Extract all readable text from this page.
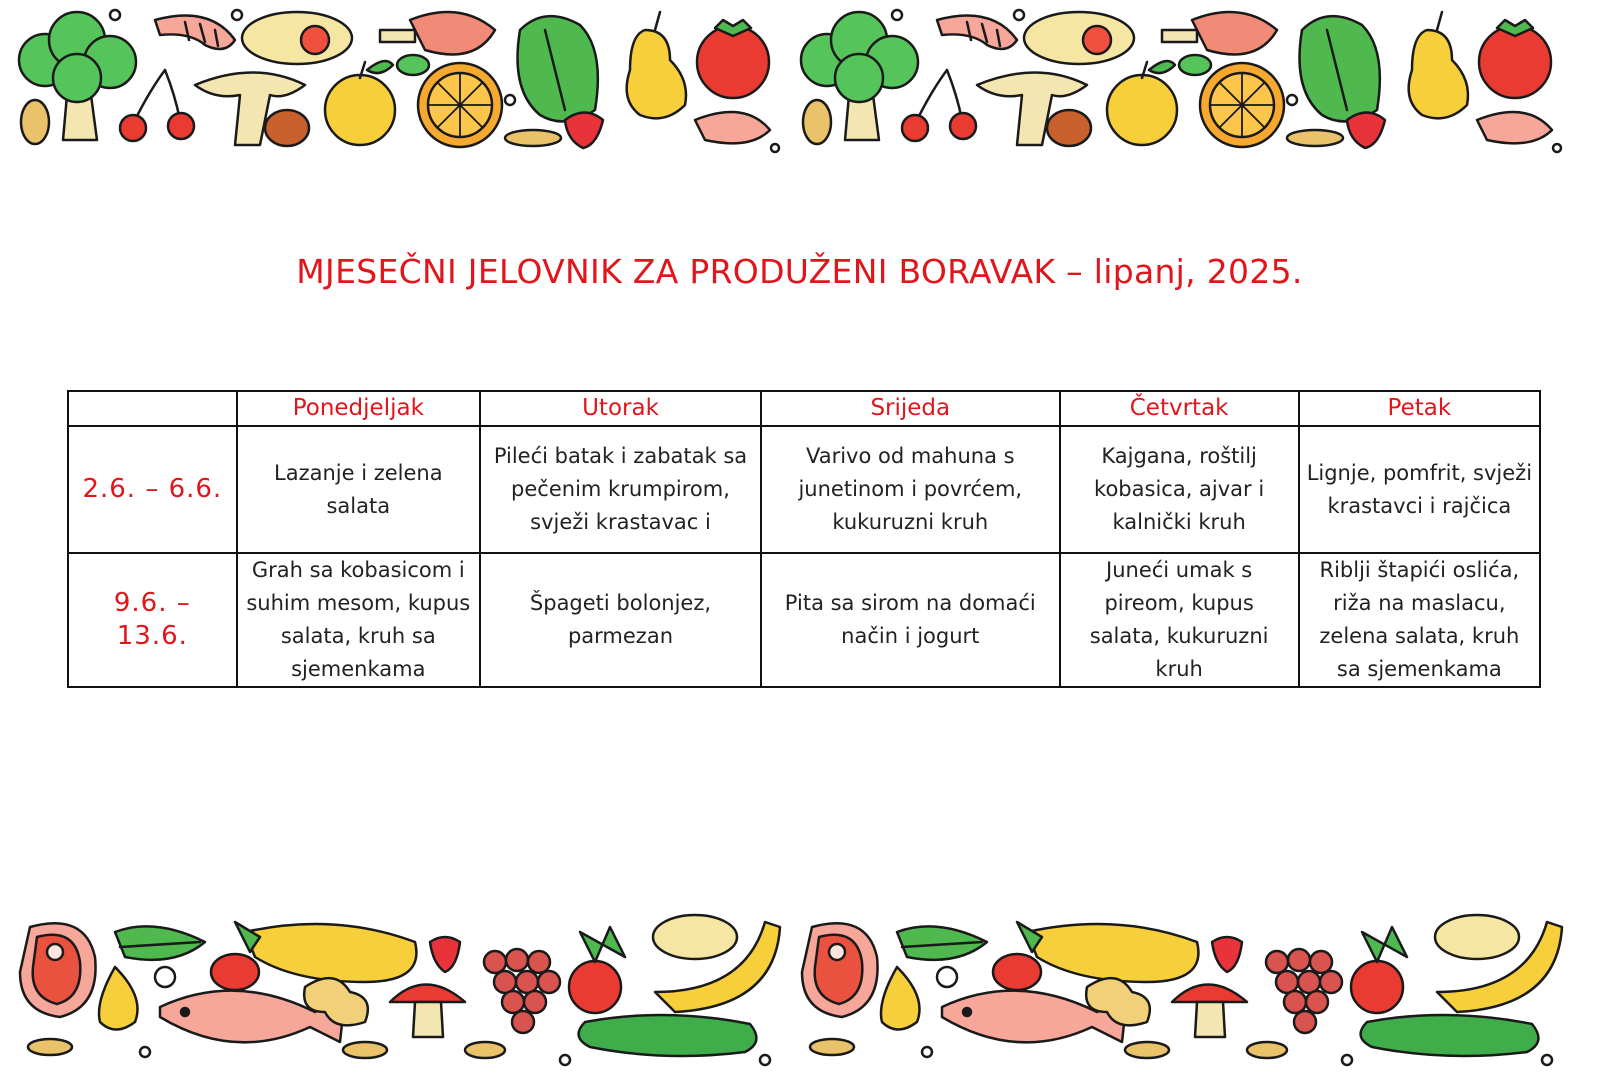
MJESEČNI JELOVNIK ZA PRODUŽENI BORAVAK – lipanj, 2025.
	Ponedjeljak	Utorak	Srijeda	Četvrtak	Petak
2.6. – 6.6.	Lazanje i zelena salata	Pileći batak i zabatak sa pečenim krumpirom, svježi krastavac i	Varivo od mahuna s junetinom i povrćem, kukuruzni kruh	Kajgana, roštilj kobasica, ajvar i kalnički kruh	Lignje, pomfrit, svježi krastavci i rajčica
9.6. – 13.6.	Grah sa kobasicom i suhim mesom, kupus salata, kruh sa sjemenkama	Špageti bolonjez, parmezan	Pita sa sirom na domaći način i jogurt	Juneći umak s pireom, kupus salata, kukuruzni kruh	Riblji štapići oslića, riža na maslacu, zelena salata, kruh sa sjemenkama
